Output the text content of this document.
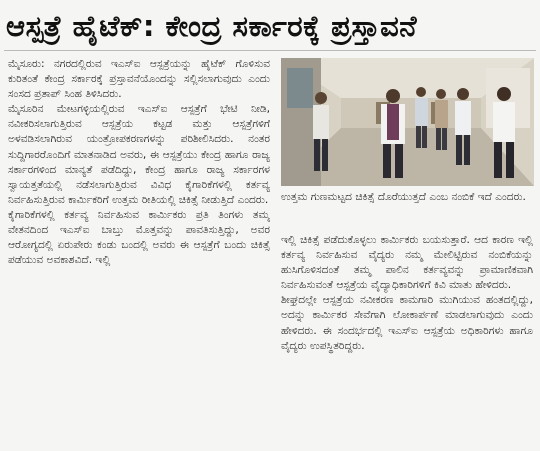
ಆಸ್ಪತ್ರೆ ಹೈಟೆಕ್: ಕೇಂದ್ರ ಸರ್ಕಾರಕ್ಕೆ ಪ್ರಸ್ತಾವನೆ

ಮೈಸೂರು: ನಗರದಲ್ಲಿರುವ ಇಎಸ್‌ಐ ಆಸ್ಪತ್ರೆಯನ್ನು ಹೈಟೆಕ್ ಗೊಳಿಸುವ ಕುರಿತಂತೆ ಕೇಂದ್ರ ಸರ್ಕಾರಕ್ಕೆ ಪ್ರಸ್ತಾವನೆಯೊಂದನ್ನು ಸಲ್ಲಿಸಲಾಗುವುದು ಎಂದು ಸಂಸದ ಪ್ರತಾಪ್ ಸಿಂಹ ತಿಳಿಸಿದರು.

ಮೈಸೂರಿನ ಮೇಟಗಳ್ಳಿಯಲ್ಲಿರುವ ಇಎಸ್‌ಐ ಆಸ್ಪತ್ರೆಗೆ ಭೇಟಿ ನೀಡಿ, ನವೀಕರಿಸಲಾಗುತ್ತಿರುವ ಆಸ್ಪತ್ರೆಯ ಕಟ್ಟಡ ಮತ್ತು ಆಸ್ಪತ್ರೆಗಳಿಗೆ ಅಳವಡಿಸಲಾಗಿರುವ ಯಂತ್ರೋಪಕರಣಗಳನ್ನು ಪರಿಶೀಲಿಸಿದರು. ನಂತರ ಸುದ್ದಿಗಾರರೊಂದಿಗೆ ಮಾತನಾಡಿದ ಅವರು, ಈ ಆಸ್ಪತ್ರೆಯು ಕೇಂದ್ರ ಹಾಗೂ ರಾಜ್ಯ ಸರ್ಕಾರಗಳಿಂದ ಮಾನ್ಯತೆ ಪಡೆದಿದ್ದು, ಕೇಂದ್ರ ಹಾಗೂ ರಾಜ್ಯ ಸರ್ಕಾರಗಳ ಸ್ವಾಯತ್ತತೆಯಲ್ಲಿ ನಡೆಸಲಾಗುತ್ತಿರುವ ವಿವಿಧ ಕೈಗಾರಿಕೆಗಳಲ್ಲಿ ಕರ್ತವ್ಯ ನಿರ್ವಹಿಸುತ್ತಿರುವ ಕಾರ್ಮಿಕರಿಗೆ ಉತ್ತಮ ರೀತಿಯಲ್ಲಿ ಚಿಕಿತ್ಸೆ ನೀಡುತ್ತಿದೆ ಎಂದರು.

ಕೈಗಾರಿಕೆಗಳಲ್ಲಿ ಕರ್ತವ್ಯ ನಿರ್ವಹಿಸುವ ಕಾರ್ಮಿಕರು ಪ್ರತಿ ತಿಂಗಳು ತಮ್ಮ ವೇತನದಿಂದ ಇಎಸ್‌ಐ ಬಾಬ್ತು ಮೊತ್ತವನ್ನು ಪಾವತಿಸುತ್ತಿದ್ದು, ಅವರ ಆರೋಗ್ಯದಲ್ಲಿ ಏರುಪೇರು ಕಂಡು ಬಂದಲ್ಲಿ ಅವರು ಈ ಆಸ್ಪತ್ರೆಗೆ ಬಂದು ಚಿಕಿತ್ಸೆ ಪಡೆಯುವ ಅವಕಾಶವಿದೆ. ಇಲ್ಲಿ

ಉತ್ತಮ ಗುಣಮಟ್ಟದ ಚಿಕಿತ್ಸೆ ದೊರೆಯುತ್ತದೆ ಎಂಬ ನಂಬಿಕೆ ಇದೆ ಎಂದರು.

ಇಲ್ಲಿ ಚಿಕಿತ್ಸೆ ಪಡೆದುಕೊಳ್ಳಲು ಕಾರ್ಮಿಕರು ಬಯಸುತ್ತಾರೆ. ಆದ ಕಾರಣ ಇಲ್ಲಿ ಕರ್ತವ್ಯ ನಿರ್ವಹಿಸುವ ವೈದ್ಯರು ನಮ್ಮ ಮೇಲಿಟ್ಟಿರುವ ನಂಬಿಕೆಯನ್ನು ಹುಸಿಗೊಳಿಸದಂತೆ ತಮ್ಮ ಪಾಲಿನ ಕರ್ತವ್ಯವನ್ನು ಪ್ರಾಮಾಣಿಕವಾಗಿ ನಿರ್ವಹಿಸುವಂತೆ ಆಸ್ಪತ್ರೆಯ ವೈದ್ಯಾಧಿಕಾರಿಗಳಿಗೆ ಕಿವಿ ಮಾತು ಹೇಳಿದರು.

ಶೀಘ್ರದಲ್ಲೇ ಆಸ್ಪತ್ರೆಯ ನವೀಕರಣ ಕಾಮಗಾರಿ ಮುಗಿಯುವ ಹಂತದಲ್ಲಿದ್ದು, ಅದನ್ನು ಕಾರ್ಮಿಕರ ಸೇವೆಗಾಗಿ ಲೋಕಾರ್ಪಣೆ ಮಾಡಲಾಗುವುದು ಎಂದು ಹೇಳಿದರು. ಈ ಸಂದರ್ಭದಲ್ಲಿ ಇಎಸ್‌ಐ ಆಸ್ಪತ್ರೆಯ ಅಧಿಕಾರಿಗಳು ಹಾಗೂ ವೈದ್ಯರು ಉಪಸ್ಥಿತರಿದ್ದರು.
